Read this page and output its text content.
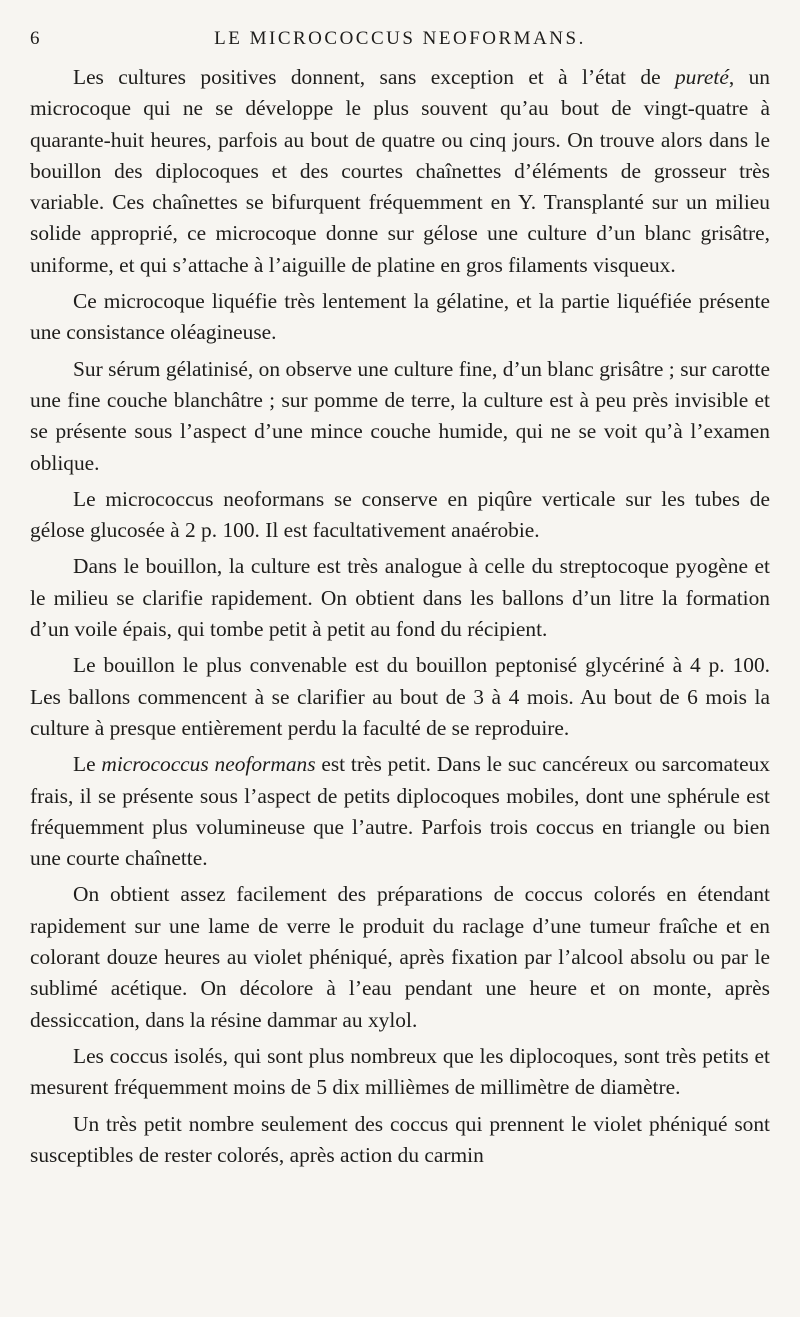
6	LE MICROCOCCUS NEOFORMANS.

Les cultures positives donnent, sans exception et à l’état de pureté, un microcoque qui ne se développe le plus souvent qu’au bout de vingt-quatre à quarante-huit heures, parfois au bout de quatre ou cinq jours. On trouve alors dans le bouillon des diplocoques et des courtes chaînettes d’éléments de grosseur très variable. Ces chaînettes se bifurquent fréquemment en Y. Transplanté sur un milieu solide approprié, ce microcoque donne sur gélose une culture d’un blanc grisâtre, uniforme, et qui s’attache à l’aiguille de platine en gros filaments visqueux.

Ce microcoque liquéfie très lentement la gélatine, et la partie liquéfiée présente une consistance oléagineuse.

Sur sérum gélatinisé, on observe une culture fine, d’un blanc grisâtre ; sur carotte une fine couche blanchâtre ; sur pomme de terre, la culture est à peu près invisible et se présente sous l’aspect d’une mince couche humide, qui ne se voit qu’à l’examen oblique.

Le micrococcus neoformans se conserve en piqûre verticale sur les tubes de gélose glucosée à 2 p. 100. Il est facultativement anaérobie.

Dans le bouillon, la culture est très analogue à celle du streptocoque pyogène et le milieu se clarifie rapidement. On obtient dans les ballons d’un litre la formation d’un voile épais, qui tombe petit à petit au fond du récipient.

Le bouillon le plus convenable est du bouillon peptonisé glycériné à 4 p. 100. Les ballons commencent à se clarifier au bout de 3 à 4 mois. Au bout de 6 mois la culture à presque entièrement perdu la faculté de se reproduire.

Le micrococcus neoformans est très petit. Dans le suc cancéreux ou sarcomateux frais, il se présente sous l’aspect de petits diplocoques mobiles, dont une sphérule est fréquemment plus volumineuse que l’autre. Parfois trois coccus en triangle ou bien une courte chaînette.

On obtient assez facilement des préparations de coccus colorés en étendant rapidement sur une lame de verre le produit du raclage d’une tumeur fraîche et en colorant douze heures au violet phéniqué, après fixation par l’alcool absolu ou par le sublimé acétique. On décolore à l’eau pendant une heure et on monte, après dessiccation, dans la résine dammar au xylol.

Les coccus isolés, qui sont plus nombreux que les diplocoques, sont très petits et mesurent fréquemment moins de 5 dix millièmes de millimètre de diamètre.

Un très petit nombre seulement des coccus qui prennent le violet phéniqué sont susceptibles de rester colorés, après action du carmin
